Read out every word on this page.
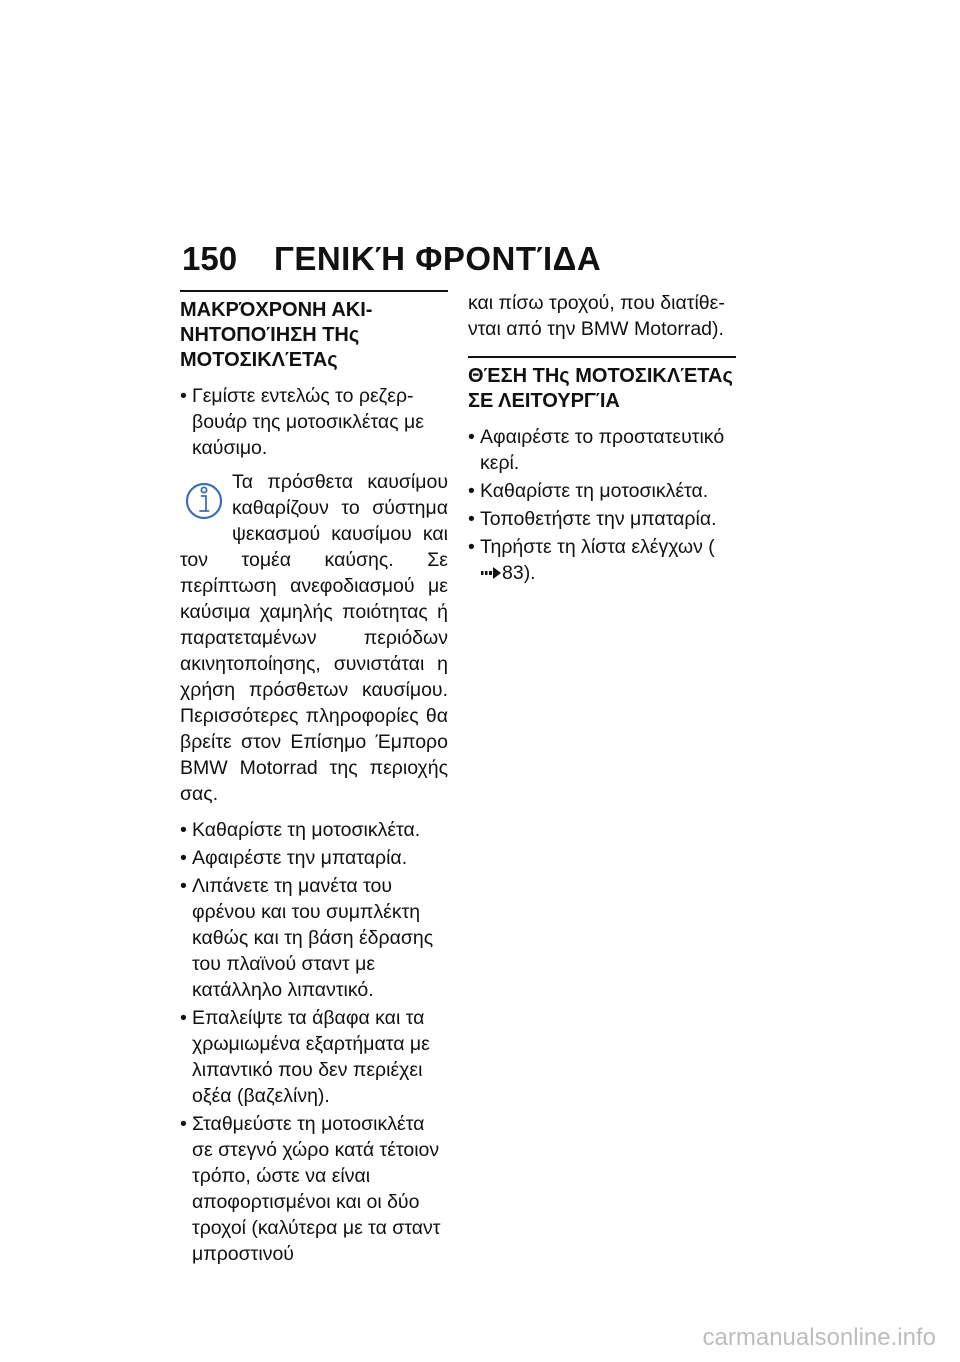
150	ΓΕΝΙΚΉ ΦΡΟΝΤΊΔΑ
ΜΑΚΡΌΧΡΟΝΗ ΑΚΙΝΗΤΟΠΟΊΗΣΗ ΤΗς ΜΟΤΟΣΙΚΛΈΤΑς
• Γεμίστε εντελώς το ρεζερβουάρ της μοτοσικλέτας με καύσιμο.
Τα πρόσθετα καυσίμου καθαρίζουν το σύστημα ψεκασμού καυσίμου και τον τομέα καύσης. Σε περίπτωση ανεφοδιασμού με καύσιμα χαμηλής ποιότητας ή παρατεταμένων περιόδων ακινητοποίησης, συνιστάται η χρήση πρόσθετων καυσίμου. Περισσότερες πληροφορίες θα βρείτε στον Επίσημο Έμπορο BMW Motorrad της περιοχής σας.
• Καθαρίστε τη μοτοσικλέτα.
• Αφαιρέστε την μπαταρία.
• Λιπάνετε τη μανέτα του φρένου και του συμπλέκτη καθώς και τη βάση έδρασης του πλαϊνού σταντ με κατάλληλο λιπαντικό.
• Επαλείψτε τα άβαφα και τα χρωμιωμένα εξαρτήματα με λιπαντικό που δεν περιέχει οξέα (βαζελίνη).
• Σταθμεύστε τη μοτοσικλέτα σε στεγνό χώρο κατά τέτοιον τρόπο, ώστε να είναι αποφορτισμένοι και οι δύο τροχοί (καλύτερα με τα σταντ μπροστινού

και πίσω τροχού, που διατίθενται από την BMW Motorrad).

ΘΈΣΗ ΤΗς ΜΟΤΟΣΙΚΛΈΤΑς ΣΕ ΛΕΙΤΟΥΡΓΊΑ
• Αφαιρέστε το προστατευτικό κερί.
• Καθαρίστε τη μοτοσικλέτα.
• Τοποθετήστε την μπαταρία.
• Τηρήστε τη λίστα ελέγχων (83).
carmanualsonline.info
